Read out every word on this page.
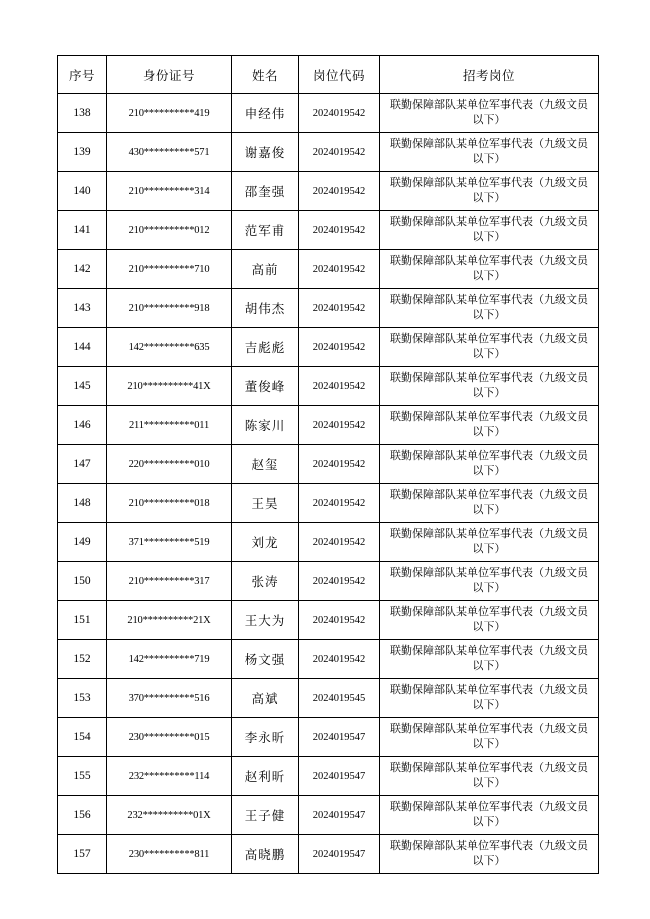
序号	身份证号	姓名	岗位代码	招考岗位
138	210**********419	申经伟	2024019542	联勤保障部队某单位军事代表（九级文员
以下）

139	430**********571	谢嘉俊	2024019542	联勤保障部队某单位军事代表（九级文员
以下）

140	210**********314	邵奎强	2024019542	联勤保障部队某单位军事代表（九级文员
以下）

141	210**********012	范军甫	2024019542	联勤保障部队某单位军事代表（九级文员
以下）

142	210**********710	高前	2024019542	联勤保障部队某单位军事代表（九级文员
以下）

143	210**********918	胡伟杰	2024019542	联勤保障部队某单位军事代表（九级文员
以下）

144	142**********635	吉彪彪	2024019542	联勤保障部队某单位军事代表（九级文员
以下）

145	210**********41X	董俊峰	2024019542	联勤保障部队某单位军事代表（九级文员
以下）

146	211**********011	陈家川	2024019542	联勤保障部队某单位军事代表（九级文员
以下）

147	220**********010	赵玺	2024019542	联勤保障部队某单位军事代表（九级文员
以下）

148	210**********018	王昊	2024019542	联勤保障部队某单位军事代表（九级文员
以下）

149	371**********519	刘龙	2024019542	联勤保障部队某单位军事代表（九级文员
以下）

150	210**********317	张涛	2024019542	联勤保障部队某单位军事代表（九级文员
以下）

151	210**********21X	王大为	2024019542	联勤保障部队某单位军事代表（九级文员
以下）

152	142**********719	杨文强	2024019542	联勤保障部队某单位军事代表（九级文员
以下）

153	370**********516	高斌	2024019545	联勤保障部队某单位军事代表（九级文员
以下）

154	230**********015	李永昕	2024019547	联勤保障部队某单位军事代表（九级文员
以下）

155	232**********114	赵利昕	2024019547	联勤保障部队某单位军事代表（九级文员
以下）

156	232**********01X	王子健	2024019547	联勤保障部队某单位军事代表（九级文员
以下）

157	230**********811	高晓鹏	2024019547	联勤保障部队某单位军事代表（九级文员
以下）
